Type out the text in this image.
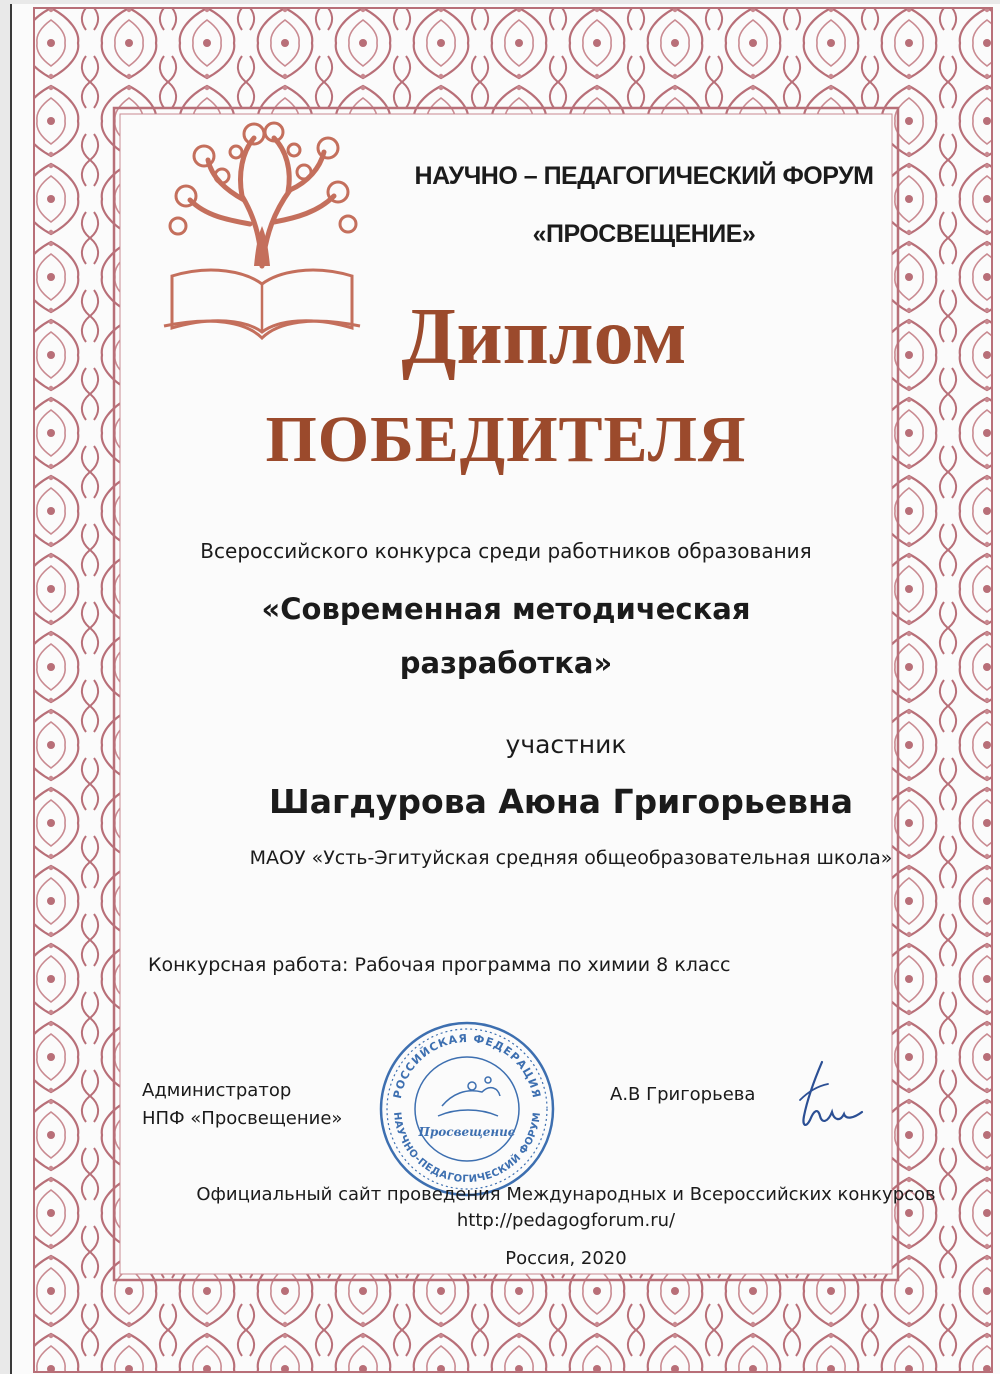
НАУЧНО – ПЕДАГОГИЧЕСКИЙ ФОРУМ
«ПРОСВЕЩЕНИЕ»
Диплом
ПОБЕДИТЕЛЯ
Всероссийского конкурса среди работников образования
«Современная методическая
разработка»
участник
Шагдурова Аюна Григорьевна
МАОУ «Усть-Эгитуйская средняя общеобразовательная школа»
Конкурсная работа: Рабочая программа по химии 8 класс
Администратор
НПФ «Просвещение»
РОССИЙСКАЯ ФЕДЕРАЦИЯ
НАУЧНО-ПЕДАГОГИЧЕСКИЙ ФОРУМ
Просвещение
А.В Григорьева
Официальный сайт проведения Международных и Всероссийских конкурсов
http://pedagogforum.ru/
Россия, 2020
